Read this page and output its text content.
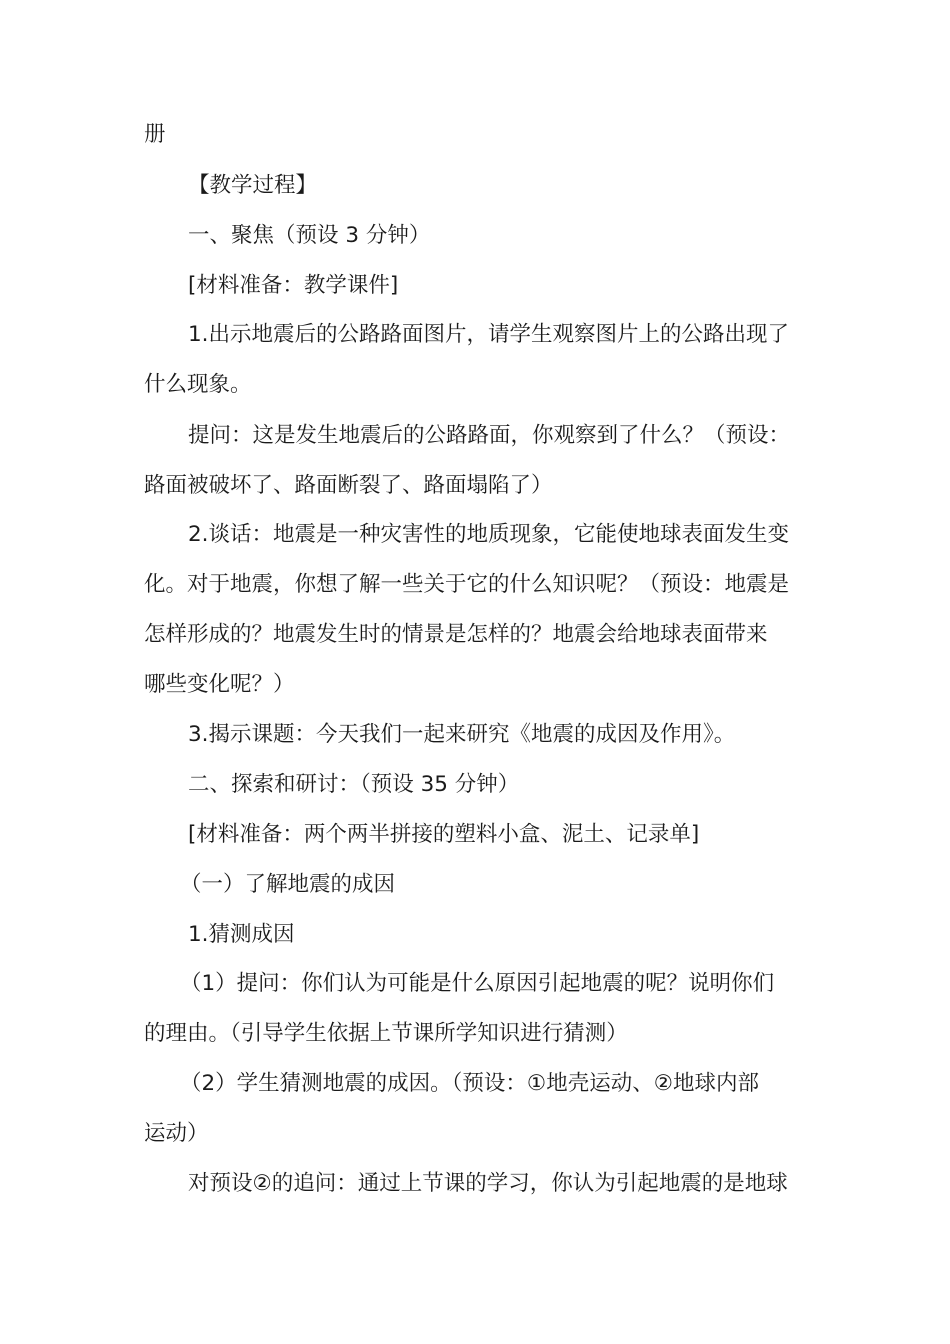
册
【教学过程】
一、聚焦（预设 3 分钟）
[材料准备：教学课件]
1.出示地震后的公路路面图片，请学生观察图片上的公路出现了
什么现象。
提问：这是发生地震后的公路路面，你观察到了什么？（预设：
路面被破坏了、路面断裂了、路面塌陷了）
2.谈话：地震是一种灾害性的地质现象，它能使地球表面发生变
化。对于地震，你想了解一些关于它的什么知识呢？（预设：地震是
怎样形成的？地震发生时的情景是怎样的？地震会给地球表面带来
哪些变化呢？）
3.揭示课题：今天我们一起来研究《地震的成因及作用》。
二、探索和研讨：（预设 35 分钟）
[材料准备：两个两半拼接的塑料小盒、泥土、记录单]
（一）了解地震的成因
1.猜测成因
（1）提问：你们认为可能是什么原因引起地震的呢？说明你们
的理由。（引导学生依据上节课所学知识进行猜测）
（2）学生猜测地震的成因。（预设：①地壳运动、②地球内部
运动）
对预设②的追问：通过上节课的学习，你认为引起地震的是地球
